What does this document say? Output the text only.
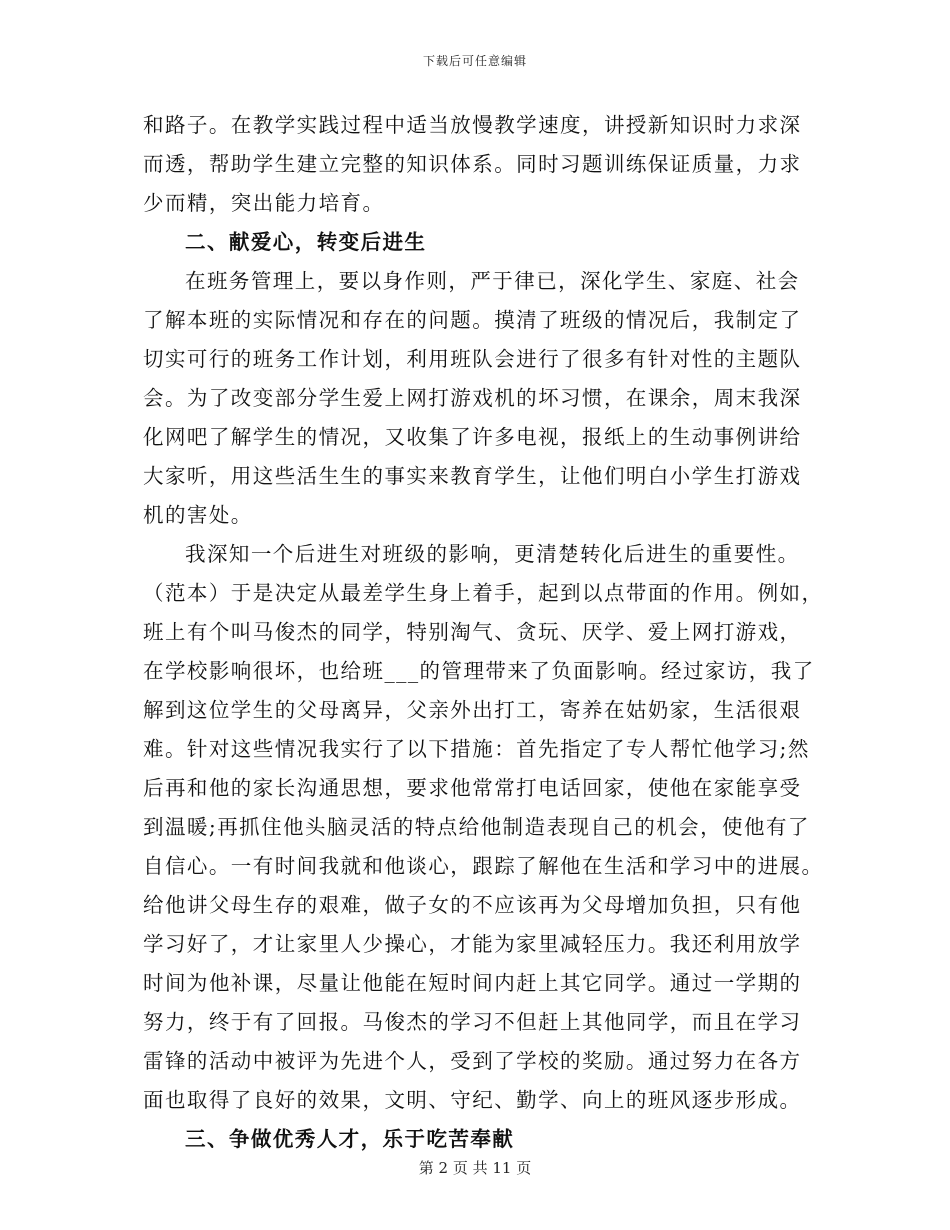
下载后可任意编辑
和路子。在教学实践过程中适当放慢教学速度，讲授新知识时力求深
而透，帮助学生建立完整的知识体系。同时习题训练保证质量，力求
少而精，突出能力培育。
二、献爱心，转变后进生
在班务管理上，要以身作则，严于律已，深化学生、家庭、社会
了解本班的实际情况和存在的问题。摸清了班级的情况后，我制定了
切实可行的班务工作计划，利用班队会进行了很多有针对性的主题队
会。为了改变部分学生爱上网打游戏机的坏习惯，在课余，周末我深
化网吧了解学生的情况，又收集了许多电视，报纸上的生动事例讲给
大家听，用这些活生生的事实来教育学生，让他们明白小学生打游戏
机的害处。
我深知一个后进生对班级的影响，更清楚转化后进生的重要性。
（范本）于是决定从最差学生身上着手，起到以点带面的作用。例如，
班上有个叫马俊杰的同学，特别淘气、贪玩、厌学、爱上网打游戏，
在学校影响很坏，也给班___的管理带来了负面影响。经过家访，我了
解到这位学生的父母离异，父亲外出打工，寄养在姑奶家，生活很艰
难。针对这些情况我实行了以下措施：首先指定了专人帮忙他学习;然
后再和他的家长沟通思想，要求他常常打电话回家，使他在家能享受
到温暖;再抓住他头脑灵活的特点给他制造表现自己的机会，使他有了
自信心。一有时间我就和他谈心，跟踪了解他在生活和学习中的进展。
给他讲父母生存的艰难，做子女的不应该再为父母增加负担，只有他
学习好了，才让家里人少操心，才能为家里减轻压力。我还利用放学
时间为他补课，尽量让他能在短时间内赶上其它同学。通过一学期的
努力，终于有了回报。马俊杰的学习不但赶上其他同学，而且在学习
雷锋的活动中被评为先进个人，受到了学校的奖励。通过努力在各方
面也取得了良好的效果，文明、守纪、勤学、向上的班风逐步形成。
三、争做优秀人才，乐于吃苦奉献
第 2 页 共 11 页
